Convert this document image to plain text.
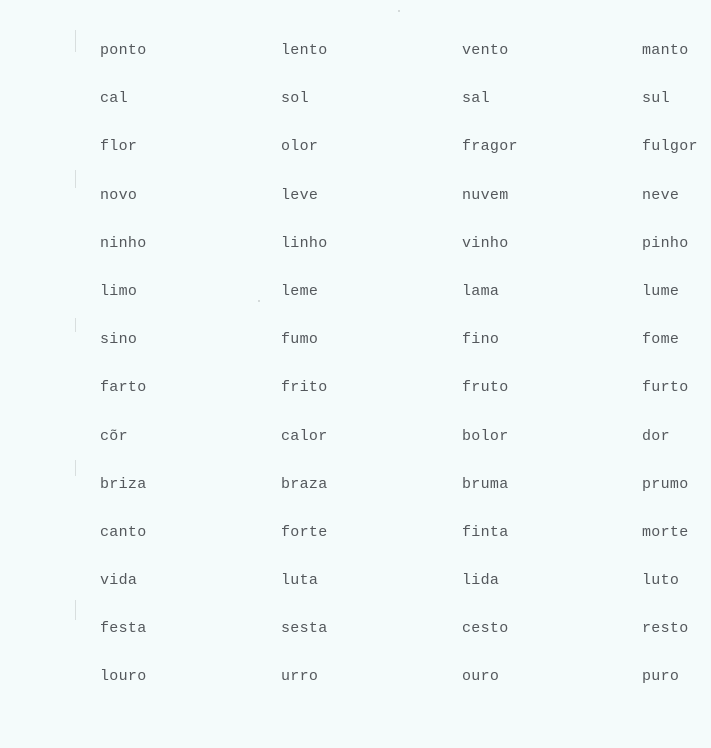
ponto	lento	vento	manto
cal	sol	sal	sul
flor	olor	fragor	fulgor
novo	leve	nuvem	neve
ninho	linho	vinho	pinho
limo	leme	lama	lume
sino	fumo	fino	fome
farto	frito	fruto	furto
cõr	calor	bolor	dor
briza	braza	bruma	prumo
canto	forte	finta	morte
vida	luta	lida	luto
festa	sesta	cesto	resto
louro	urro	ouro	puro
